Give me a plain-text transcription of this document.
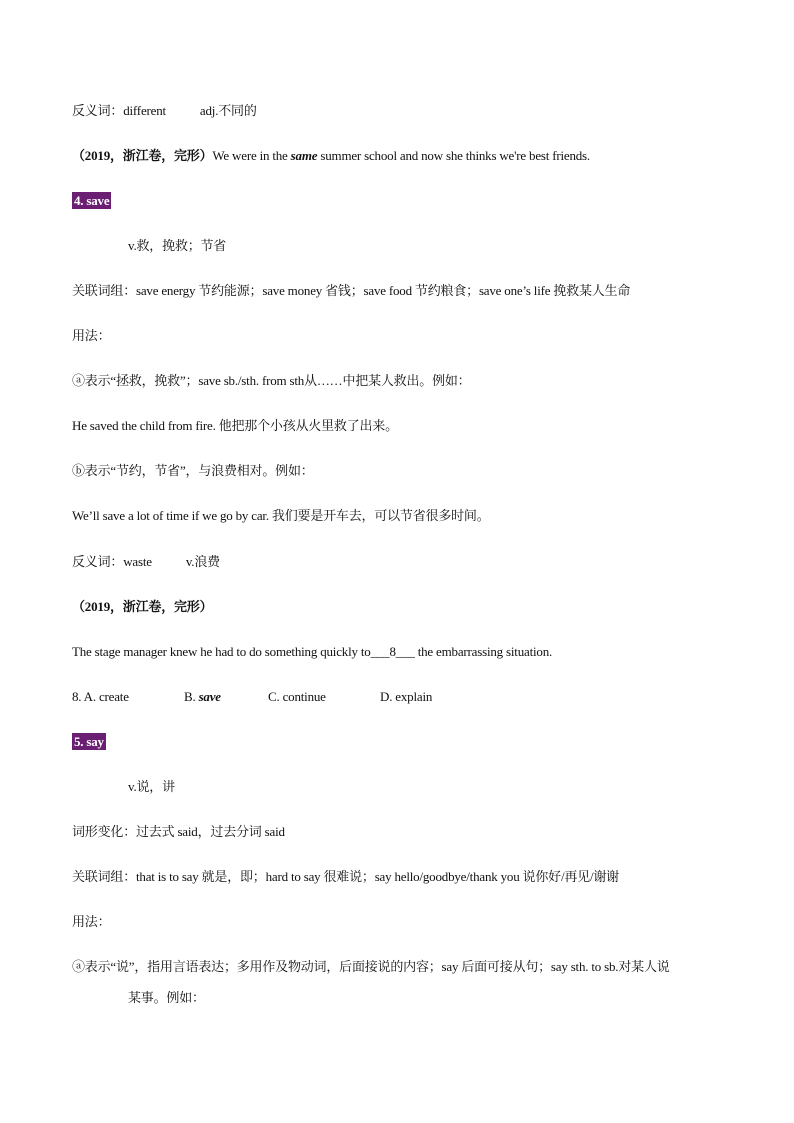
反义词：different	adj.不同的
（2019，浙江卷，完形）We were in the same summer school and now she thinks we're best friends.
4. save
v.救，挽救；节省
关联词组：save energy 节约能源；save money 省钱；save food 节约粮食；save one’s life 挽救某人生命
用法：
ⓐ表示“拯救，挽救”；save sb./sth. from sth从……中把某人救出。例如：
He saved the child from fire. 他把那个小孩从火里救了出来。
ⓑ表示“节约，节省”，与浪费相对。例如：
We’ll save a lot of time if we go by car. 我们要是开车去，可以节省很多时间。
反义词：waste	v.浪费
（2019，浙江卷，完形）
The stage manager knew he had to do something quickly to___8___ the embarrassing situation.
8. A. create	B. save	C. continue	D. explain
5. say
v.说，讲
词形变化：过去式 said，过去分词 said
关联词组：that is to say 就是，即；hard to say 很难说；say hello/goodbye/thank you 说你好/再见/谢谢
用法：
ⓐ表示“说”，指用言语表达；多用作及物动词，后面接说的内容；say 后面可接从句；say sth. to sb.对某人说
某事。例如：
